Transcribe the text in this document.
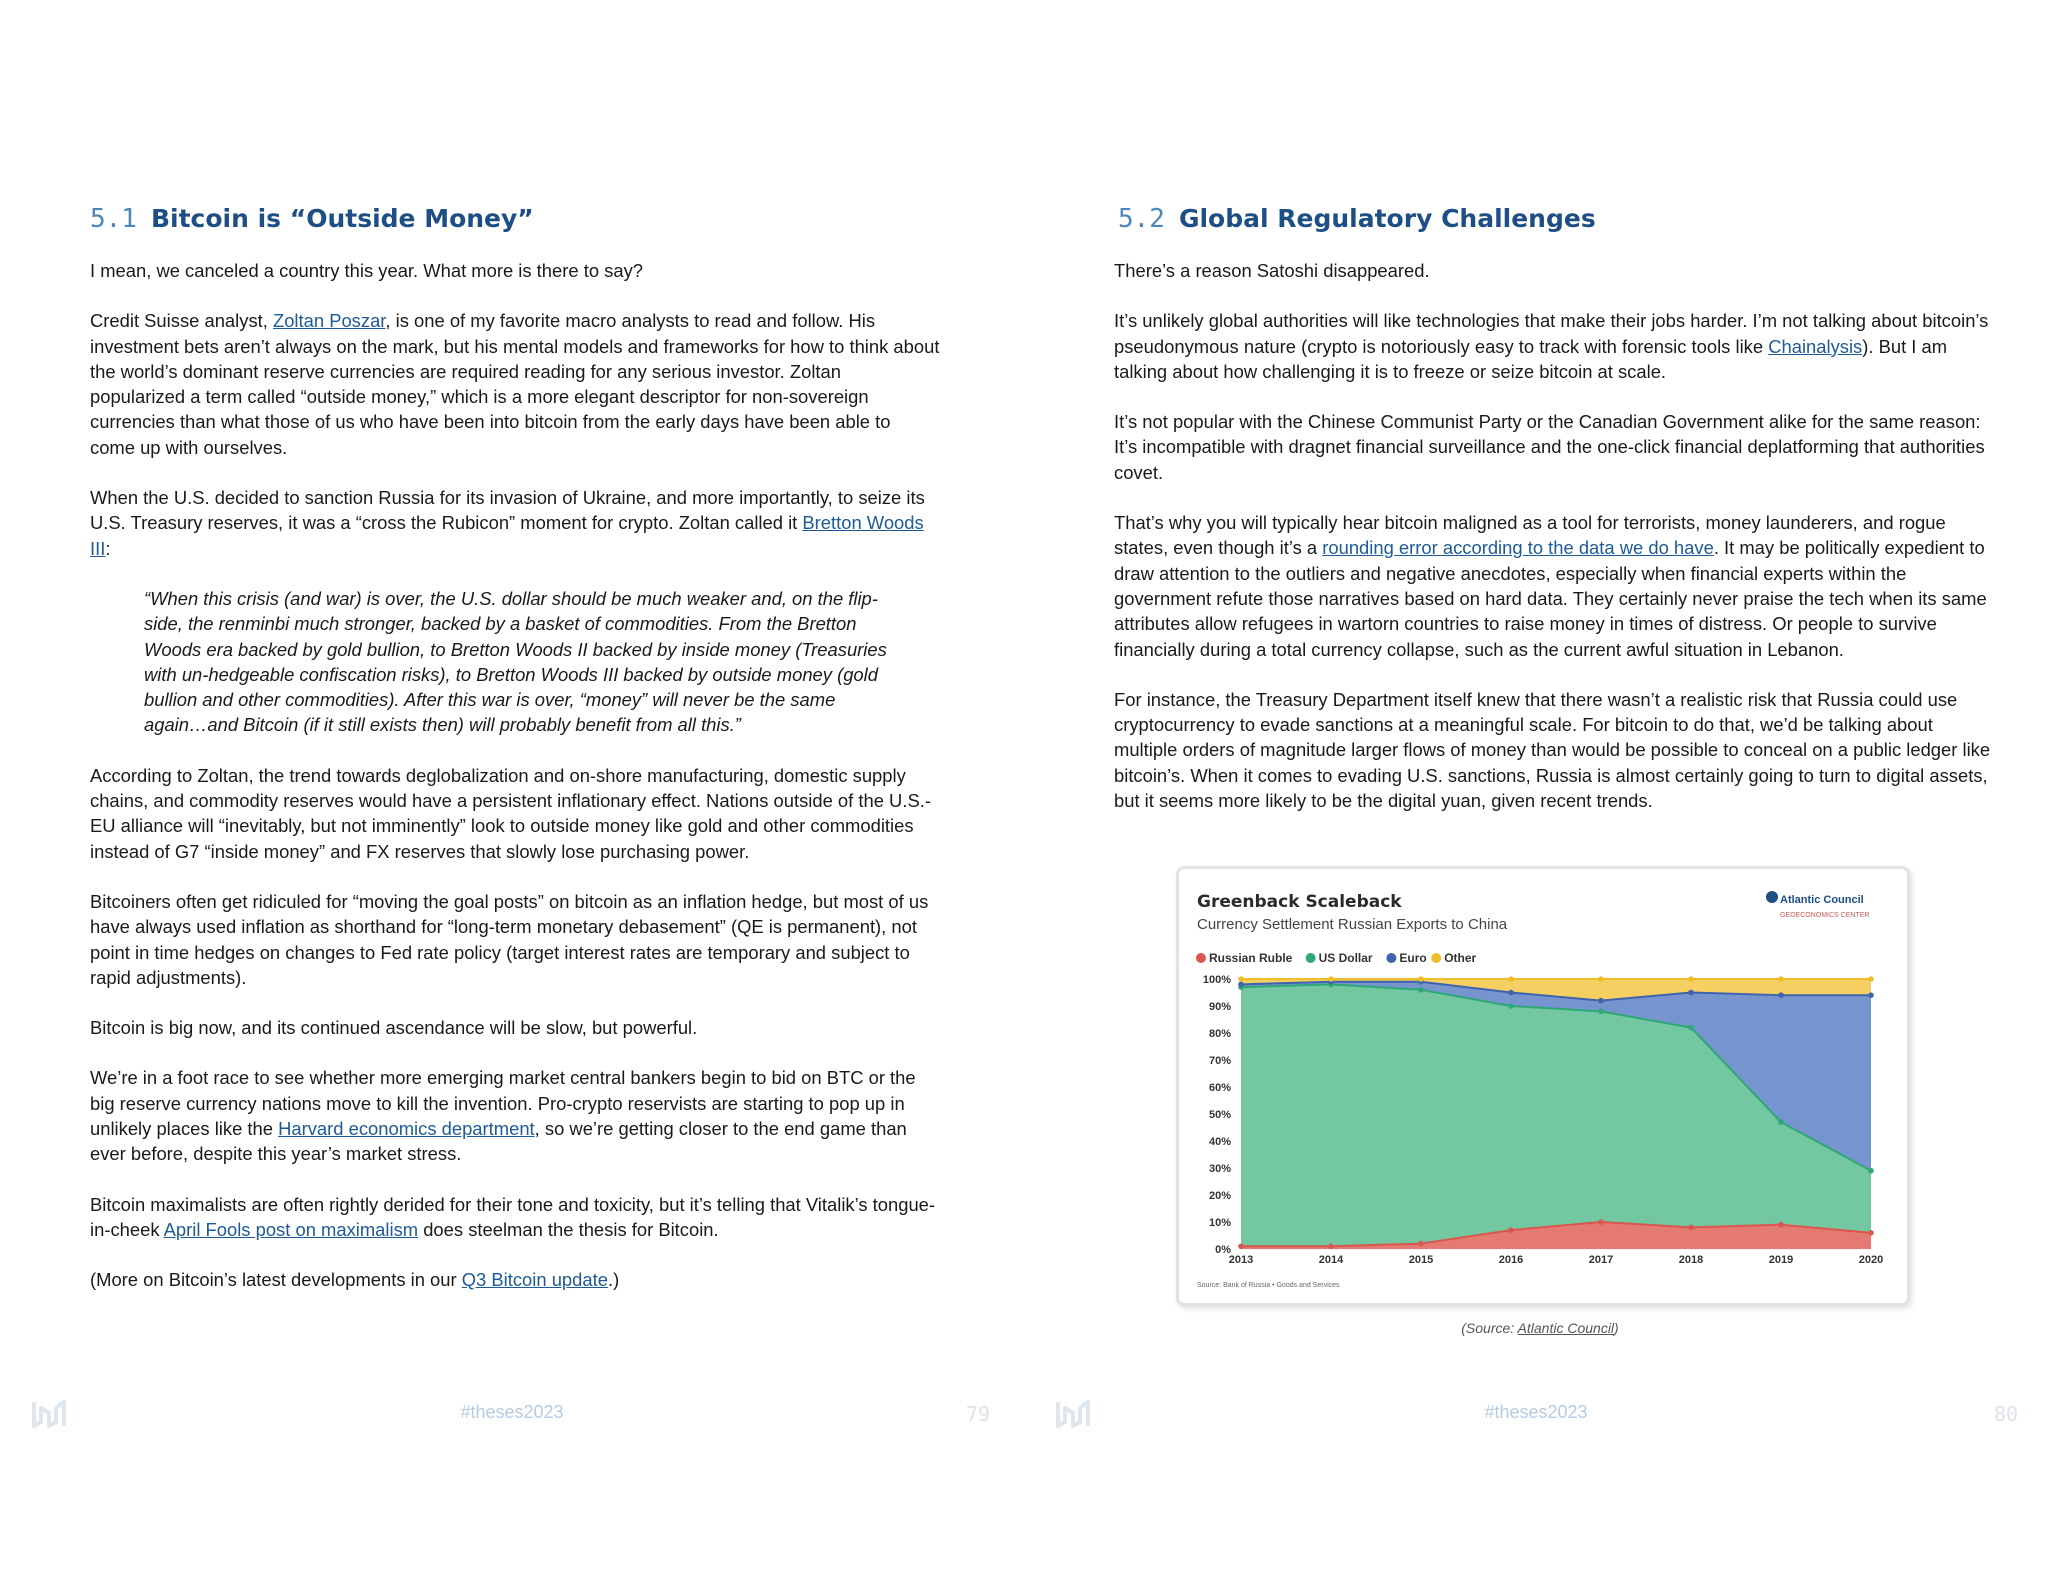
5.1 Bitcoin is “Outside Money”

I mean, we canceled a country this year. What more is there to say?

Credit Suisse analyst, Zoltan Poszar, is one of my favorite macro analysts to read and follow. His investment bets aren’t always on the mark, but his mental models and frameworks for how to think about the world’s dominant reserve currencies are required reading for any serious investor. Zoltan popularized a term called “outside money,” which is a more elegant descriptor for non-sovereign currencies than what those of us who have been into bitcoin from the early days have been able to come up with ourselves.

When the U.S. decided to sanction Russia for its invasion of Ukraine, and more importantly, to seize its U.S. Treasury reserves, it was a “cross the Rubicon” moment for crypto. Zoltan called it Bretton Woods III:

“When this crisis (and war) is over, the U.S. dollar should be much weaker and, on the flip-side, the renminbi much stronger, backed by a basket of commodities. From the Bretton Woods era backed by gold bullion, to Bretton Woods II backed by inside money (Treasuries with un-hedgeable confiscation risks), to Bretton Woods III backed by outside money (gold bullion and other commodities). After this war is over, “money” will never be the same again…and Bitcoin (if it still exists then) will probably benefit from all this.”

According to Zoltan, the trend towards deglobalization and on-shore manufacturing, domestic supply chains, and commodity reserves would have a persistent inflationary effect. Nations outside of the U.S.-EU alliance will “inevitably, but not imminently” look to outside money like gold and other commodities instead of G7 “inside money” and FX reserves that slowly lose purchasing power.

Bitcoiners often get ridiculed for “moving the goal posts” on bitcoin as an inflation hedge, but most of us have always used inflation as shorthand for “long-term monetary debasement” (QE is permanent), not point in time hedges on changes to Fed rate policy (target interest rates are temporary and subject to rapid adjustments).

Bitcoin is big now, and its continued ascendance will be slow, but powerful.

We’re in a foot race to see whether more emerging market central bankers begin to bid on BTC or the big reserve currency nations move to kill the invention. Pro-crypto reservists are starting to pop up in unlikely places like the Harvard economics department, so we’re getting closer to the end game than ever before, despite this year’s market stress.

Bitcoin maximalists are often rightly derided for their tone and toxicity, but it’s telling that Vitalik’s tongue-in-cheek April Fools post on maximalism does steelman the thesis for Bitcoin.

(More on Bitcoin’s latest developments in our Q3 Bitcoin update.)

#theses2023	79
5.2 Global Regulatory Challenges

There’s a reason Satoshi disappeared.

It’s unlikely global authorities will like technologies that make their jobs harder. I’m not talking about bitcoin’s pseudonymous nature (crypto is notoriously easy to track with forensic tools like Chainalysis). But I am talking about how challenging it is to freeze or seize bitcoin at scale.

It’s not popular with the Chinese Communist Party or the Canadian Government alike for the same reason: It’s incompatible with dragnet financial surveillance and the one-click financial deplatforming that authorities covet.

That’s why you will typically hear bitcoin maligned as a tool for terrorists, money launderers, and rogue states, even though it’s a rounding error according to the data we do have. It may be politically expedient to draw attention to the outliers and negative anecdotes, especially when financial experts within the government refute those narratives based on hard data. They certainly never praise the tech when its same attributes allow refugees in wartorn countries to raise money in times of distress. Or people to survive financially during a total currency collapse, such as the current awful situation in Lebanon.

For instance, the Treasury Department itself knew that there wasn’t a realistic risk that Russia could use cryptocurrency to evade sanctions at a meaningful scale. For bitcoin to do that, we’d be talking about multiple orders of magnitude larger flows of money than would be possible to conceal on a public ledger like bitcoin’s. When it comes to evading U.S. sanctions, Russia is almost certainly going to turn to digital assets, but it seems more likely to be the digital yuan, given recent trends.

Greenback Scaleback
Currency Settlement Russian Exports to China
Atlantic Council
GEOECONOMICS CENTER
Russian Ruble US Dollar Euro Other
0%
10%
20%
30%
40%
50%
60%
70%
80%
90%
100%
2013	2014	2015	2016	2017	2018	2019	2020
Source: Bank of Russia • Goods and Services
(Source: Atlantic Council)
#theses2023	80
